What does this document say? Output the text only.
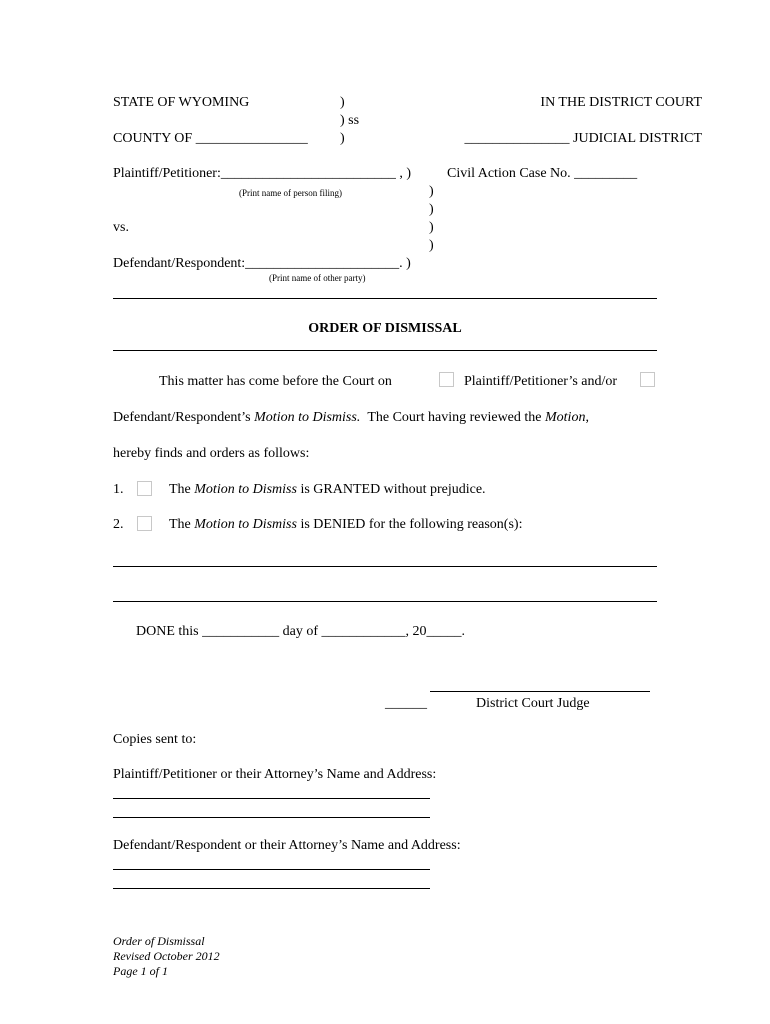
STATE OF WYOMING	)
) ss
)
IN THE DISTRICT COURT
COUNTY OF ________________	_______________ JUDICIAL DISTRICT
Plaintiff/Petitioner:_________________________ , )	Civil Action Case No. _________
(Print name of person filing)	)
)
vs.	)
)
Defendant/Respondent:______________________. )
(Print name of other party)
ORDER OF DISMISSAL
This matter has come before the Court on	Plaintiff/Petitioner’s and/or
Defendant/Respondent’s Motion to Dismiss. The Court having reviewed the Motion,
hereby finds and orders as follows:
1.	The Motion to Dismiss is GRANTED without prejudice.
2.	The Motion to Dismiss is DENIED for the following reason(s):
DONE this ___________ day of ____________, 20_____.
______	District Court Judge
Copies sent to:
Plaintiff/Petitioner or their Attorney’s Name and Address:
Defendant/Respondent or their Attorney’s Name and Address:
Order of Dismissal
Revised October 2012
Page 1 of 1
